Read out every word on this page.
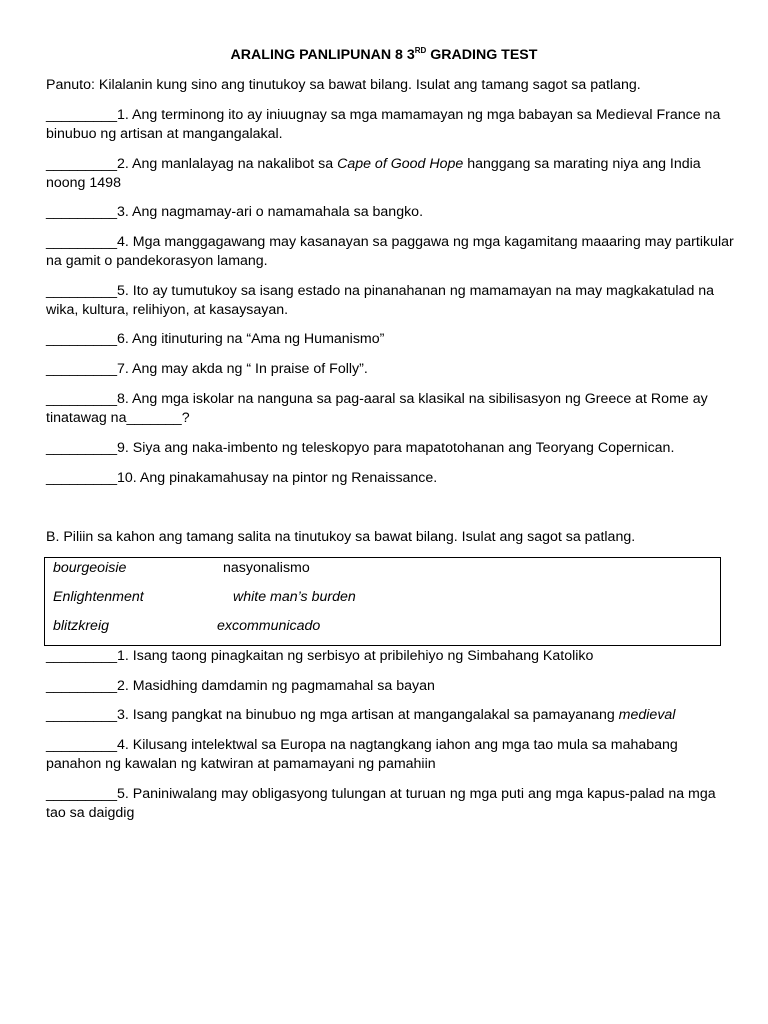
ARALING PANLIPUNAN 8 3RD GRADING TEST
Panuto: Kilalanin kung sino ang tinutukoy sa bawat bilang. Isulat ang tamang sagot sa patlang.
_________1. Ang terminong ito ay iniuugnay sa mga mamamayan ng mga babayan sa Medieval France na binubuo ng artisan at mangangalakal.
_________2. Ang manlalayag na nakalibot sa Cape of Good Hope hanggang sa marating niya ang India noong 1498
_________3. Ang nagmamay-ari o namamahala sa bangko.
_________4. Mga manggagawang may kasanayan sa paggawa ng mga kagamitang maaaring may partikular na gamit o pandekorasyon lamang.
_________5. Ito ay tumutukoy sa isang estado na pinanahanan ng mamamayan na may magkakatulad na wika, kultura, relihiyon, at kasaysayan.
_________6. Ang itinuturing na “Ama ng Humanismo”
_________7. Ang may akda ng “ In praise of Folly”.
_________8. Ang mga iskolar na nanguna sa pag-aaral sa klasikal na sibilisasyon ng Greece at Rome ay tinatawag na_______?
_________9. Siya ang naka-imbento ng teleskopyo para mapatotohanan ang Teoryang Copernican.
_________10. Ang pinakamahusay na pintor ng Renaissance.
B. Piliin sa kahon ang tamang salita na tinutukoy sa bawat bilang. Isulat ang sagot sa patlang.
bourgeoisie	nasyonalismo
Enlightenment	white man’s burden
blitzkreig	excommunicado
_________1. Isang taong pinagkaitan ng serbisyo at pribilehiyo ng Simbahang Katoliko
_________2. Masidhing damdamin ng pagmamahal sa bayan
_________3. Isang pangkat na binubuo ng mga artisan at mangangalakal sa pamayanang medieval
_________4. Kilusang intelektwal sa Europa na nagtangkang iahon ang mga tao mula sa mahabang panahon ng kawalan ng katwiran at pamamayani ng pamahiin
_________5. Paniniwalang may obligasyong tulungan at turuan ng mga puti ang mga kapus-palad na mga tao sa daigdig
